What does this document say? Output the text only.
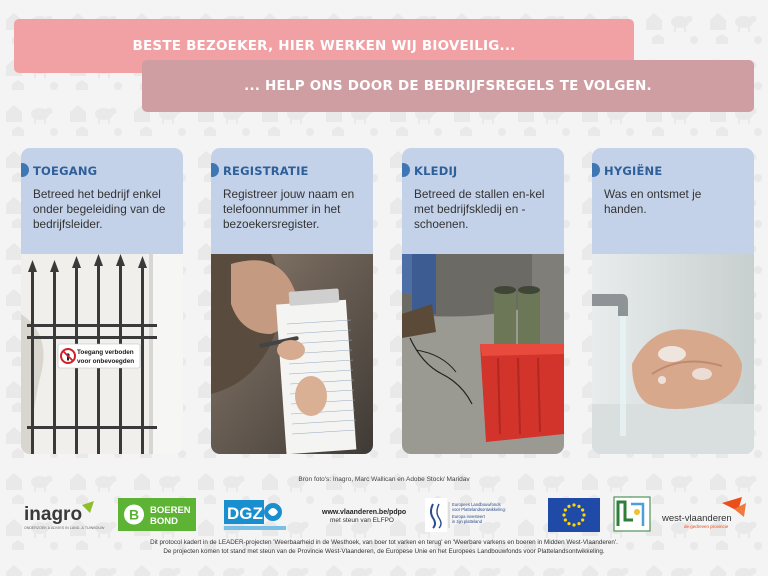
BESTE BEZOEKER, HIER WERKEN WIJ BIOVEILIG...
... HELP ONS DOOR DE BEDRIJFSREGELS TE VOLGEN.
TOEGANG
Betreed het bedrijf enkel onder begeleiding van de bedrijfsleider.
Toegang verboden
voor onbevoegden
REGISTRATIE
Registreer jouw naam en telefoonnummer in het bezoekersregister.
KLEDIJ
Betreed de stallen en-kel met bedrijfskledij en -schoenen.
HYGIËNE
Was en ontsmet je handen.
Bron foto's: Inagro, Marc Wallican en Adobe Stock/ Maridav
inagro
ONDERZOEK & ADVIES IN LAND- & TUINBOUW
B BOEREN
BOND	DGZ	www.vlaanderen.be/pdpo
met steun van ELFPO
Europees Landbouwfonds
voor Plattelandsontwikkeling:
Europa investeert
in zijn platteland	west-vlaanderen
de gedreven provincie
Dit protocol kadert in de LEADER-projecten 'Weerbaarheid in de Westhoek, van boer tot varken en terug' en 'Weerbare varkens en boeren in Midden West-Vlaanderen'.
De projecten komen tot stand met steun van de Provincie West-Vlaanderen, de Europese Unie en het Europees Landbouwfonds voor Plattelandsontwikkeling.
